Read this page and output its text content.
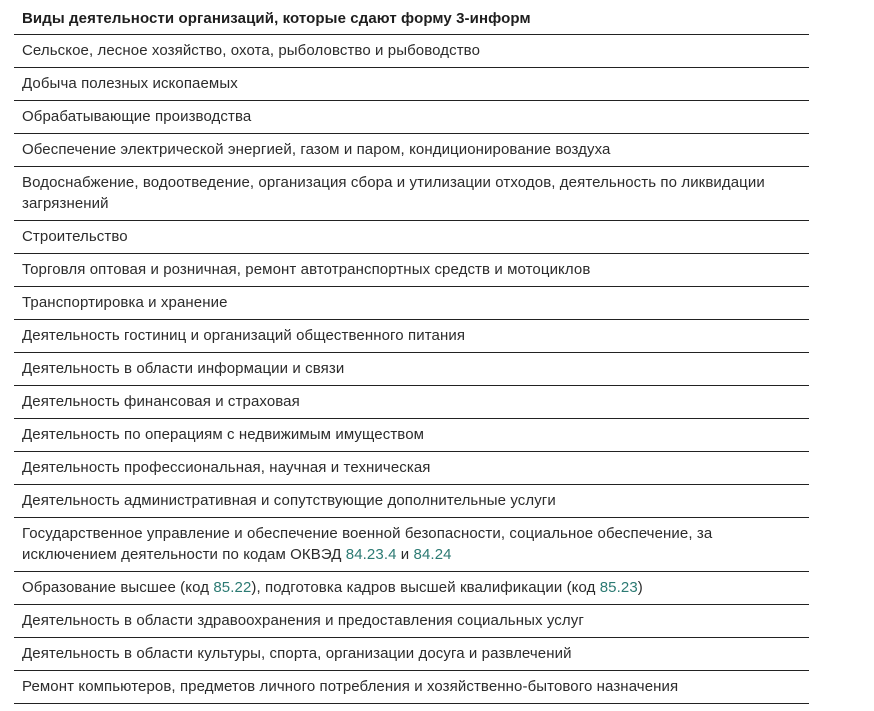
Виды деятельности организаций, которые сдают форму 3-информ
Сельское, лесное хозяйство, охота, рыболовство и рыбоводство
Добыча полезных ископаемых
Обрабатывающие производства
Обеспечение электрической энергией, газом и паром, кондиционирование воздуха
Водоснабжение, водоотведение, организация сбора и утилизации отходов, деятельность по ликвидации загрязнений
Строительство
Торговля оптовая и розничная, ремонт автотранспортных средств и мотоциклов
Транспортировка и хранение
Деятельность гостиниц и организаций общественного питания
Деятельность в области информации и связи
Деятельность финансовая и страховая
Деятельность по операциям с недвижимым имуществом
Деятельность профессиональная, научная и техническая
Деятельность административная и сопутствующие дополнительные услуги
Государственное управление и обеспечение военной безопасности, социальное обеспечение, за исключением деятельности по кодам ОКВЭД 84.23.4 и 84.24
Образование высшее (код 85.22), подготовка кадров высшей квалификации (код 85.23)
Деятельность в области здравоохранения и предоставления социальных услуг
Деятельность в области культуры, спорта, организации досуга и развлечений
Ремонт компьютеров, предметов личного потребления и хозяйственно-бытового назначения
